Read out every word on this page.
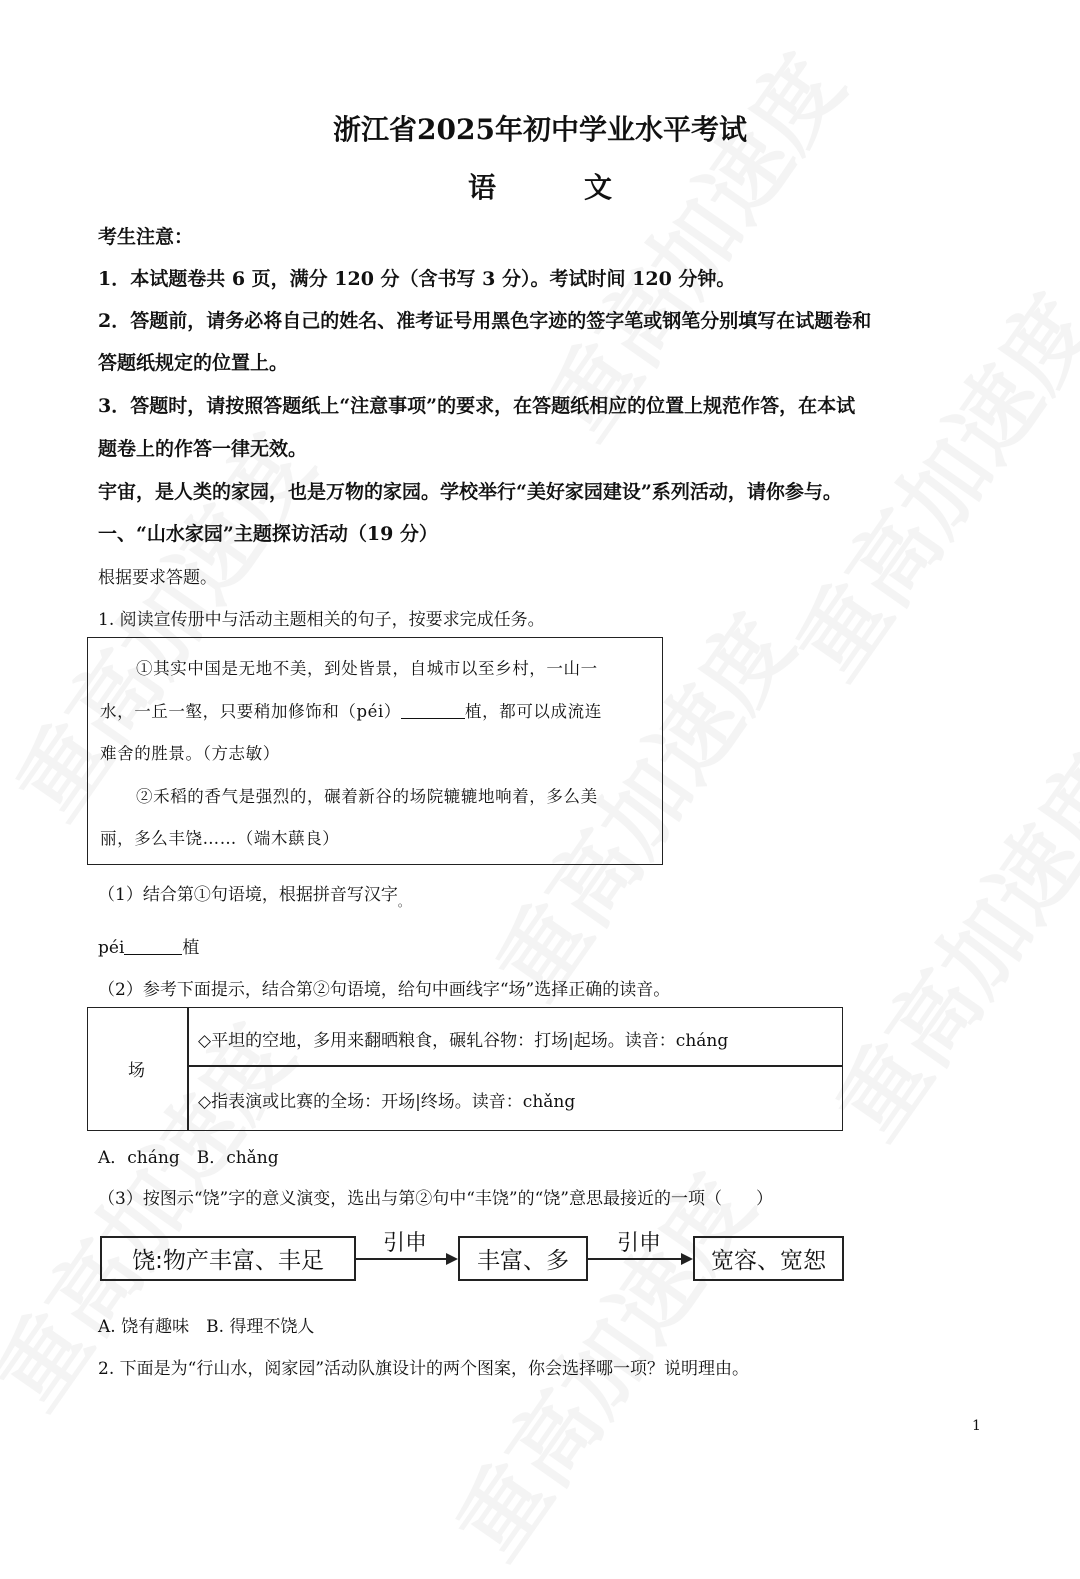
浙江省2025年初中学业水平考试
语　文
考生注意：
1．本试题卷共 6 页，满分 120 分（含书写 3 分）。考试时间 120 分钟。
2．答题前，请务必将自己的姓名、准考证号用黑色字迹的签字笔或钢笔分别填写在试题卷和
答题纸规定的位置上。
3．答题时，请按照答题纸上“注意事项”的要求，在答题纸相应的位置上规范作答，在本试
题卷上的作答一律无效。
宇宙，是人类的家园，也是万物的家园。学校举行“美好家园建设”系列活动，请你参与。
一、“山水家园”主题探访活动（19 分）
根据要求答题。
1. 阅读宣传册中与活动主题相关的句子，按要求完成任务。
①其实中国是无地不美，到处皆景，自城市以至乡村，一山一
水，一丘一壑，只要稍加修饰和（péi）	植，都可以成流连
难舍的胜景。（方志敏）
②禾稻的香气是强烈的，碾着新谷的场院辘辘地响着，多么美
丽，多么丰饶……（端木蕻良）
（1）结合第①句语境，根据拼音写汉字$_。$
péi	植
（2）参考下面提示，结合第②句语境，给句中画线字“场”选择正确的读音。
场
◇平坦的空地，多用来翻晒粮食，碾轧谷物：打场|起场。读音：cháng
◇指表演或比赛的全场：开场|终场。读音：chǎng
A．cháng　B．chǎng
（3）按图示“饶”字的意义演变，选出与第②句中“丰饶”的“饶”意思最接近的一项（　　）
饶:物产丰富、丰足
引申
丰富、多
引申
宽容、宽恕
A. 饶有趣味　B. 得理不饶人
2. 下面是为“行山水，阅家园”活动队旗设计的两个图案，你会选择哪一项？说明理由。
1
